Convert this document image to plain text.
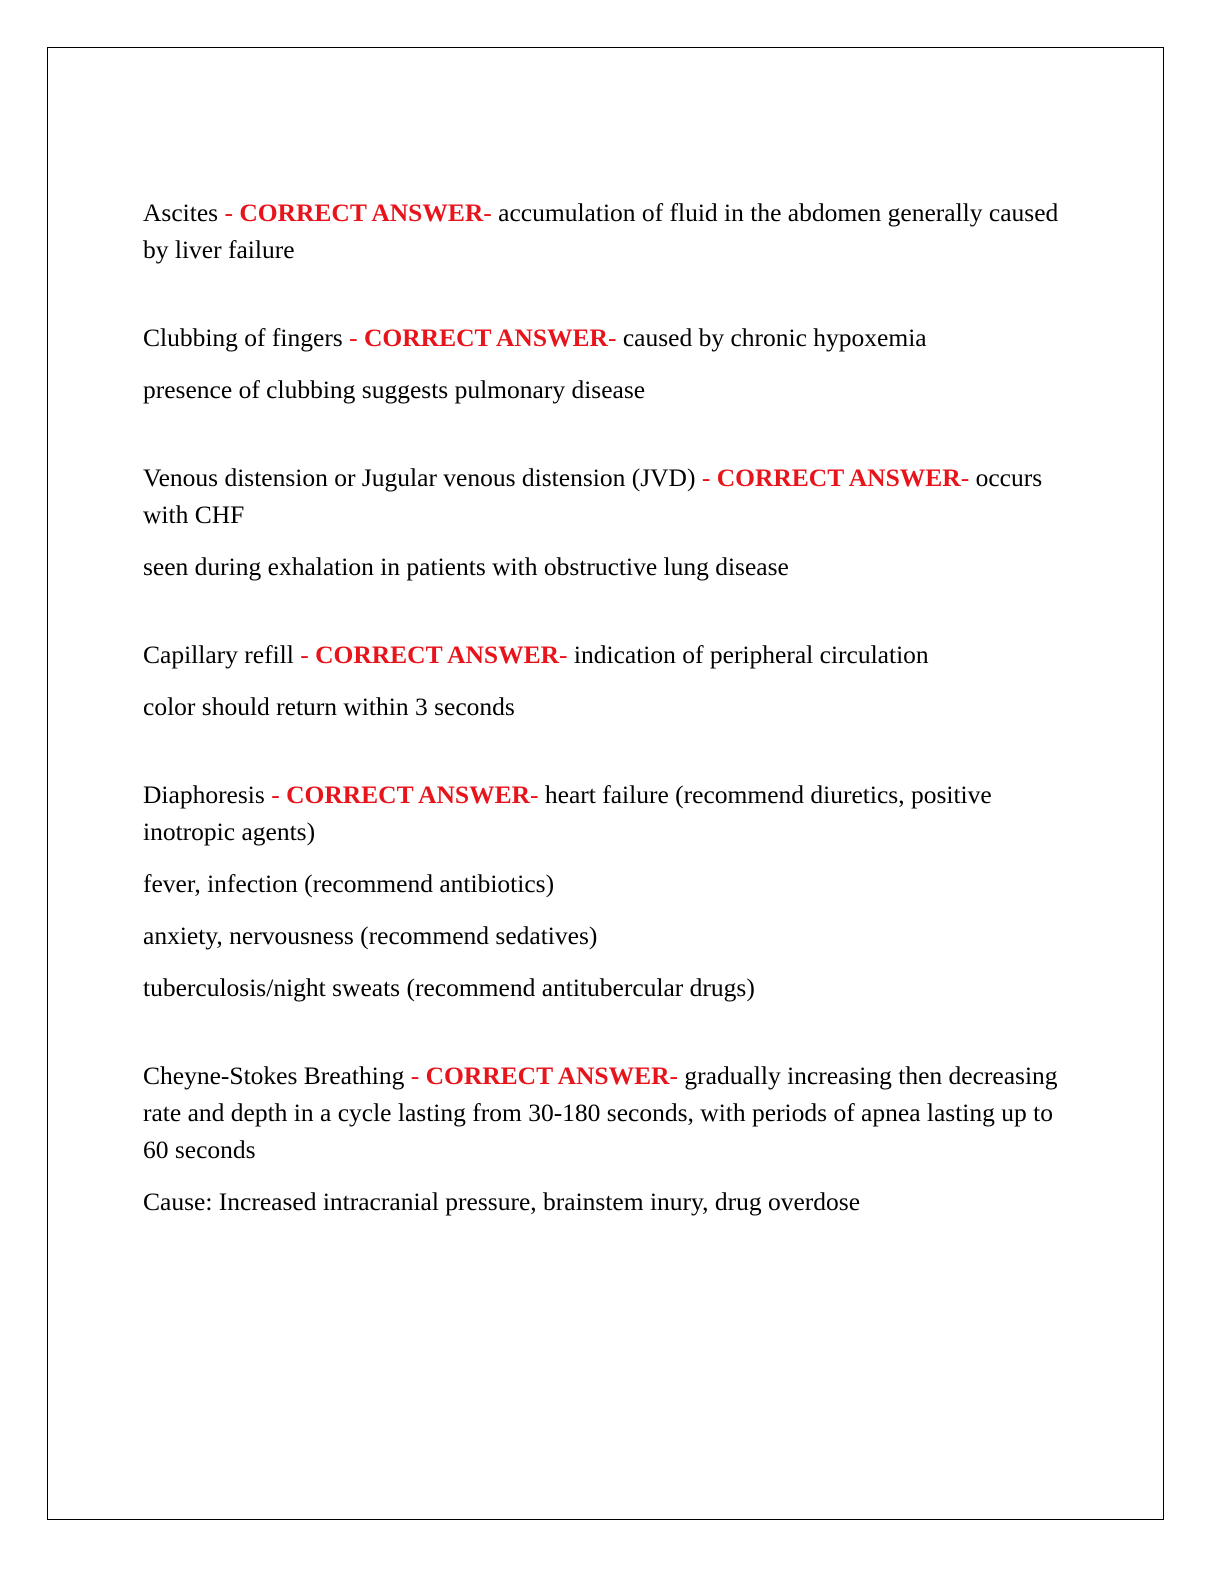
Ascites - CORRECT ANSWER- accumulation of fluid in the abdomen generally caused by liver failure

Clubbing of fingers - CORRECT ANSWER- caused by chronic hypoxemia

presence of clubbing suggests pulmonary disease

Venous distension or Jugular venous distension (JVD) - CORRECT ANSWER- occurs with CHF

seen during exhalation in patients with obstructive lung disease

Capillary refill - CORRECT ANSWER- indication of peripheral circulation

color should return within 3 seconds

Diaphoresis - CORRECT ANSWER- heart failure (recommend diuretics, positive inotropic agents)

fever, infection (recommend antibiotics)

anxiety, nervousness (recommend sedatives)

tuberculosis/night sweats (recommend antitubercular drugs)

Cheyne-Stokes Breathing - CORRECT ANSWER- gradually increasing then decreasing rate and depth in a cycle lasting from 30-180 seconds, with periods of apnea lasting up to 60 seconds

Cause: Increased intracranial pressure, brainstem inury, drug overdose
